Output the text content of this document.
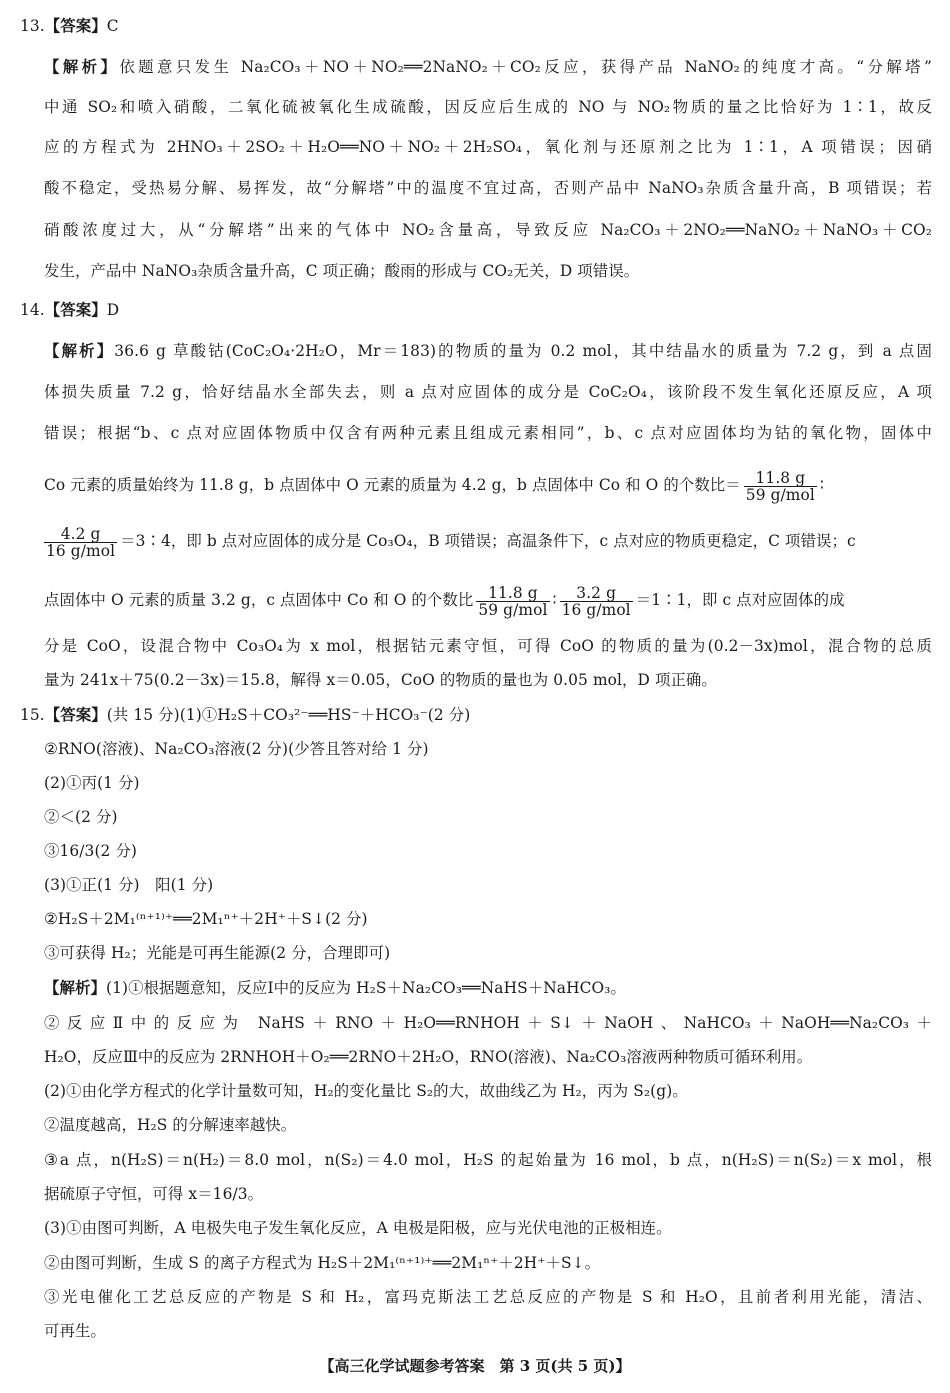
13.【答案】C
【解析】依题意只发生 Na₂CO₃＋NO＋NO₂══2NaNO₂＋CO₂反应，获得产品 NaNO₂的纯度才高。“分解塔”
中通 SO₂和喷入硝酸，二氧化硫被氧化生成硫酸，因反应后生成的 NO 与 NO₂物质的量之比恰好为 1∶1，故反
应的方程式为 2HNO₃＋2SO₂＋H₂O══NO＋NO₂＋2H₂SO₄，氧化剂与还原剂之比为 1∶1，A 项错误；因硝
酸不稳定，受热易分解、易挥发，故“分解塔”中的温度不宜过高，否则产品中 NaNO₃杂质含量升高，B 项错误；若
硝酸浓度过大，从“分解塔”出来的气体中 NO₂含量高，导致反应 Na₂CO₃＋2NO₂══NaNO₂＋NaNO₃＋CO₂
发生，产品中 NaNO₃杂质含量升高，C 项正确；酸雨的形成与 CO₂无关，D 项错误。
14.【答案】D
【解析】36.6 g 草酸钴(CoC₂O₄·2H₂O，Mr＝183)的物质的量为 0.2 mol，其中结晶水的质量为 7.2 g，到 a 点固
体损失质量 7.2 g，恰好结晶水全部失去，则 a 点对应固体的成分是 CoC₂O₄，该阶段不发生氧化还原反应，A 项
错误；根据“b、c 点对应固体物质中仅含有两种元素且组成元素相同”，b、c 点对应固体均为钴的氧化物，固体中
Co 元素的质量始终为 11.8 g，b 点固体中 O 元素的质量为 4.2 g，b 点固体中 Co 和 O 的个数比＝ $\frac{11.8 g}{\text{59 g/mol}}$ ∶
$\frac{4.2 g}{\text{16 g/mol}}$ ＝3∶4，即 b 点对应固体的成分是 Co₃O₄，B 项错误；高温条件下，c 点对应的物质更稳定，C 项错误；c
点固体中 O 元素的质量 3.2 g，c 点固体中 Co 和 O 的个数比 $\frac{11.8 g}{\text{59 g/mol}}$ ∶ $\frac{3.2 g}{\text{16 g/mol}}$ ＝1∶1，即 c 点对应固体的成
分是 CoO，设混合物中 Co₃O₄为 x mol，根据钴元素守恒，可得 CoO 的物质的量为(0.2－3x)mol，混合物的总质
量为 241x＋75(0.2－3x)＝15.8，解得 x＝0.05，CoO 的物质的量也为 0.05 mol，D 项正确。
15.【答案】(共 15 分)(1)①H₂S＋CO₃²⁻══HS⁻＋HCO₃⁻(2 分)
②RNO(溶液)、Na₂CO₃溶液(2 分)(少答且答对给 1 分)
(2)①丙(1 分)
②＜(2 分)
③16/3(2 分)
(3)①正(1 分)　阳(1 分)
②H₂S＋2M₁⁽ⁿ⁺¹⁾⁺══2M₁ⁿ⁺＋2H⁺＋S↓(2 分)
③可获得 H₂；光能是可再生能源(2 分，合理即可)
【解析】(1)①根据题意知，反应Ⅰ中的反应为 H₂S＋Na₂CO₃══NaHS＋NaHCO₃。
②反应Ⅱ中的反应为 NaHS＋RNO＋H₂O══RNHOH＋S↓＋NaOH、NaHCO₃＋NaOH══Na₂CO₃＋
H₂O，反应Ⅲ中的反应为 2RNHOH＋O₂══2RNO＋2H₂O，RNO(溶液)、Na₂CO₃溶液两种物质可循环利用。
(2)①由化学方程式的化学计量数可知，H₂的变化量比 S₂的大，故曲线乙为 H₂，丙为 S₂(g)。
②温度越高，H₂S 的分解速率越快。
③a 点，n(H₂S)＝n(H₂)＝8.0 mol，n(S₂)＝4.0 mol，H₂S 的起始量为 16 mol，b 点，n(H₂S)＝n(S₂)＝x mol，根
据硫原子守恒，可得 x＝16/3。
(3)①由图可判断，A 电极失电子发生氧化反应，A 电极是阳极，应与光伏电池的正极相连。
②由图可判断，生成 S 的离子方程式为 H₂S＋2M₁⁽ⁿ⁺¹⁾⁺══2M₁ⁿ⁺＋2H⁺＋S↓。
③光电催化工艺总反应的产物是 S 和 H₂，富玛克斯法工艺总反应的产物是 S 和 H₂O，且前者利用光能，清洁、
可再生。
【高三化学试题参考答案　第 3 页(共 5 页)】
